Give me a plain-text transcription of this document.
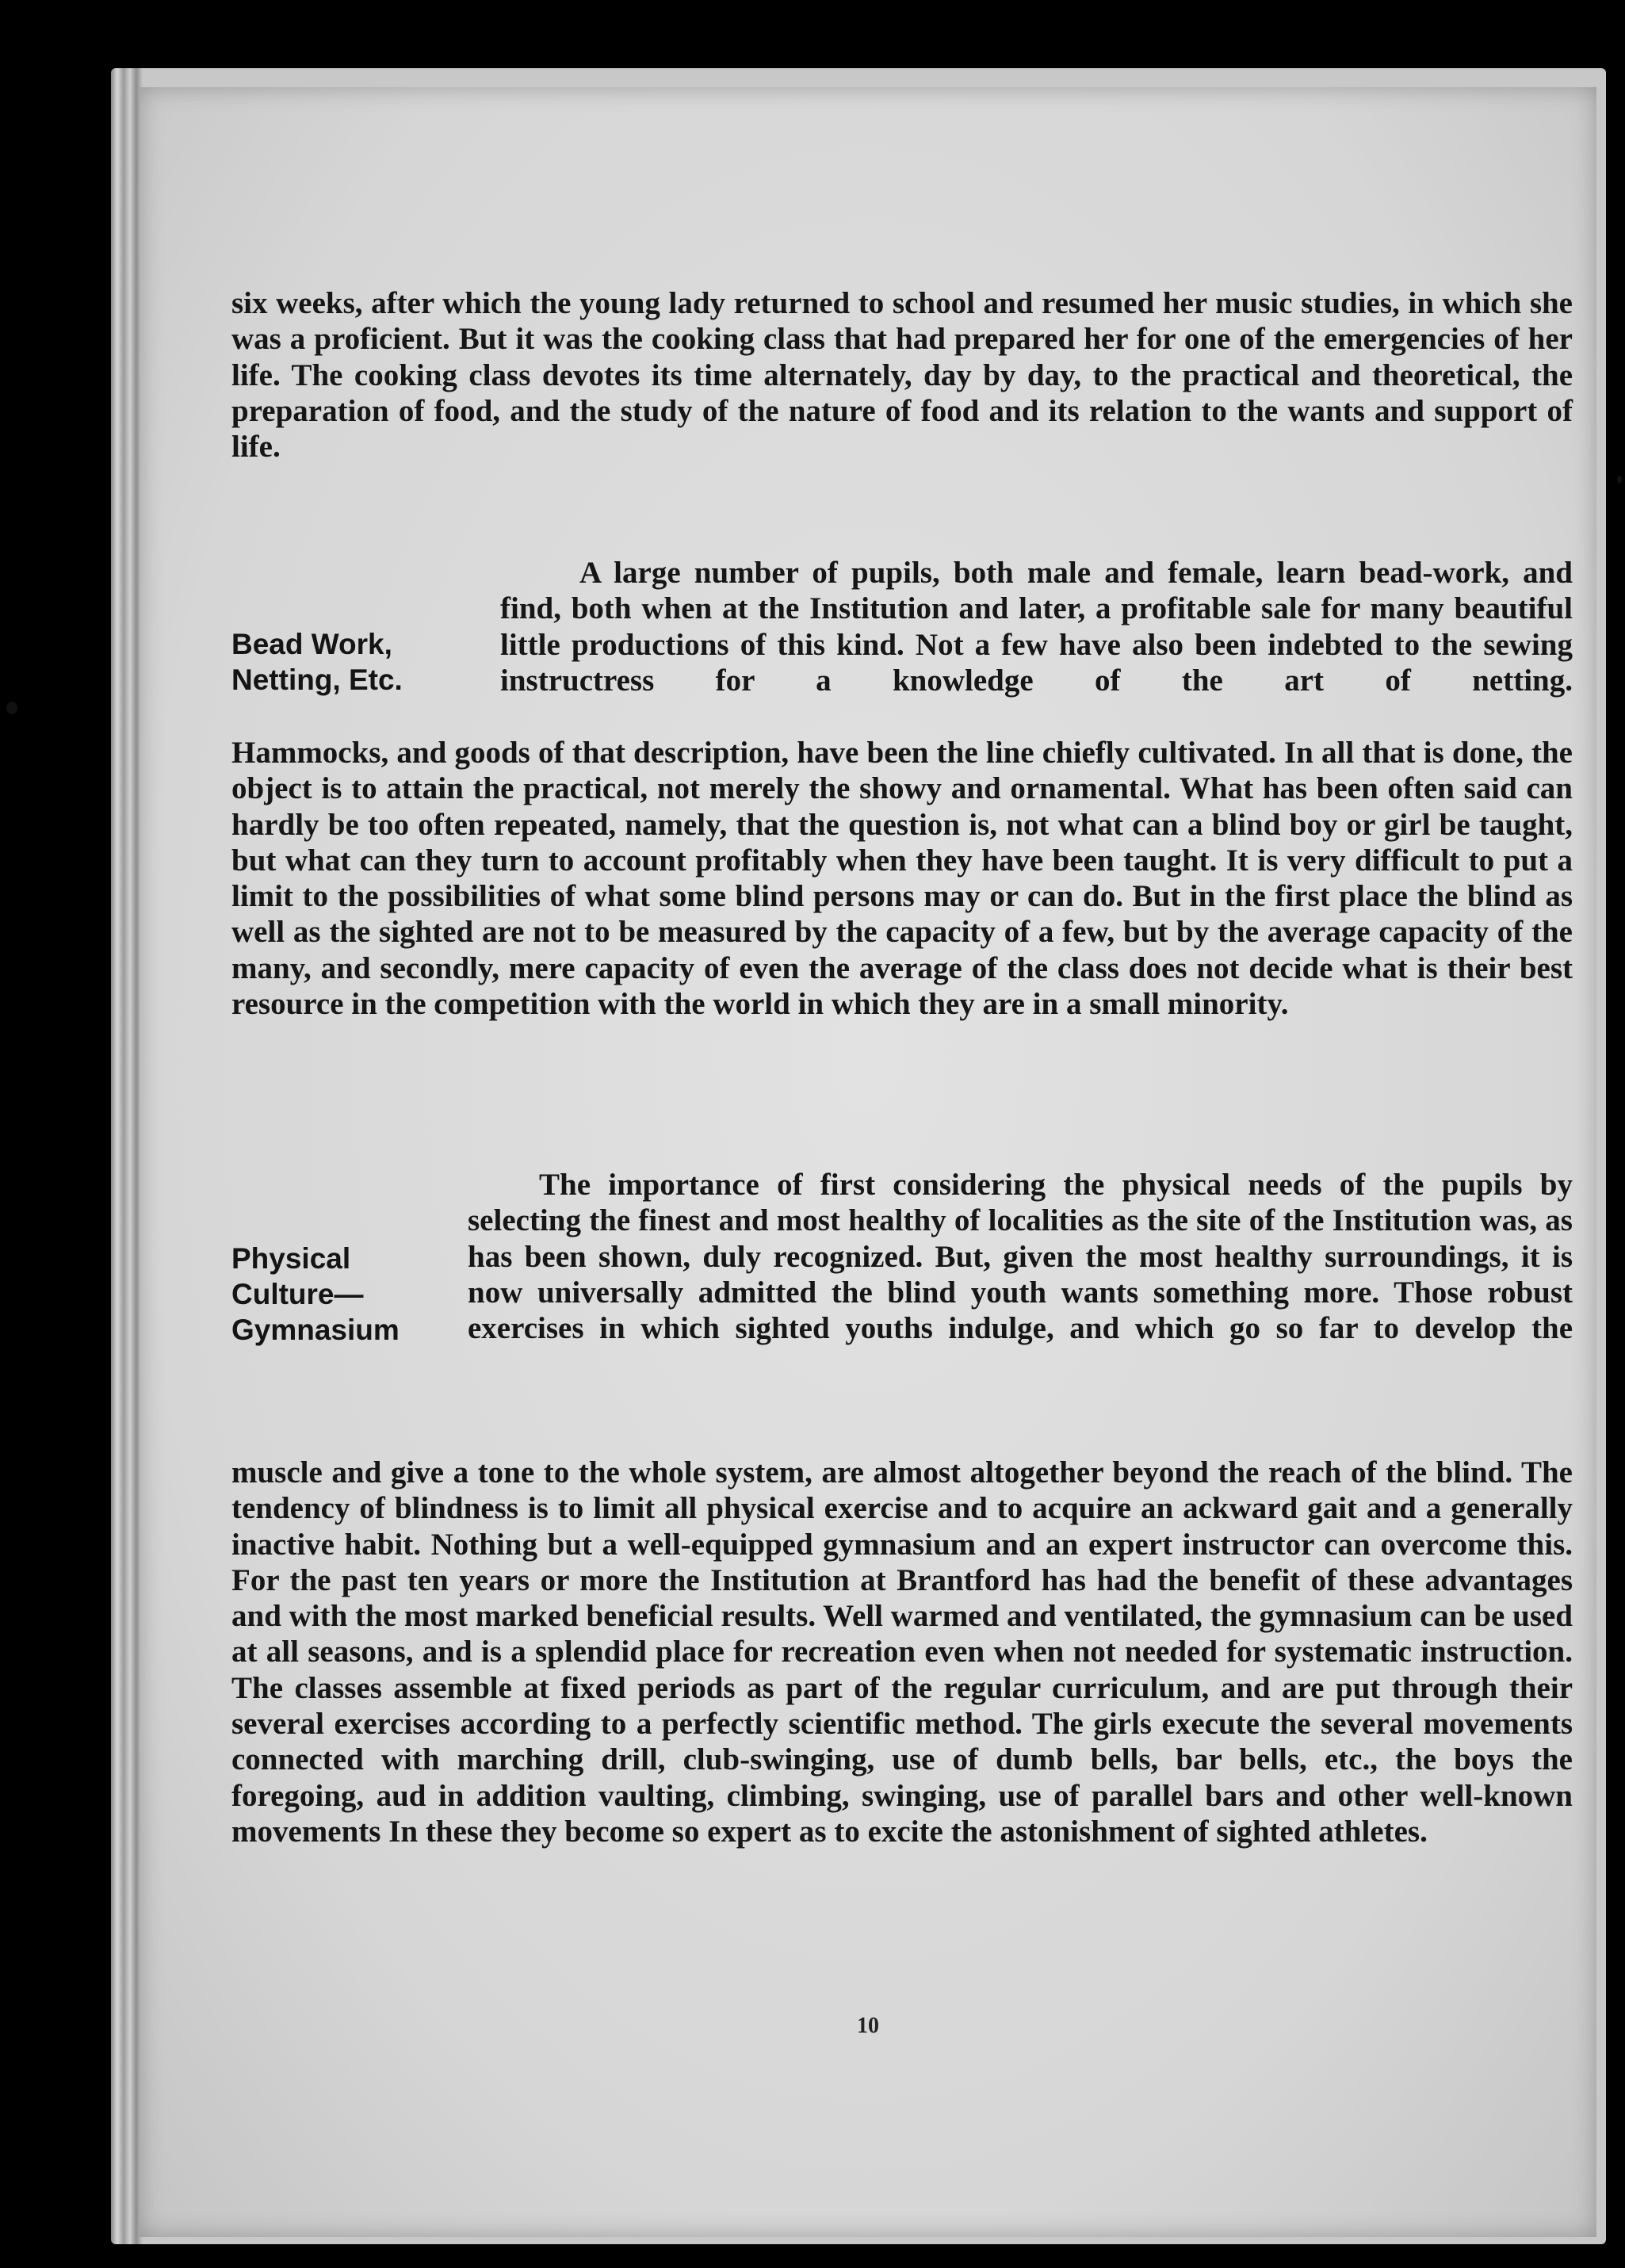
six weeks, after which the young lady returned to school and resumed her music studies, in which she was a proficient. But it was the cooking class that had prepared her for one of the emergencies of her life. The cooking class devotes its time alternately, day by day, to the practical and theoretical, the preparation of food, and the study of the nature of food and its relation to the wants and support of life.
Bead Work,
Netting, Etc.
A large number of pupils, both male and female, learn bead-work, and find, both when at the Institution and later, a profitable sale for many beautiful little productions of this kind. Not a few have also been indebted to the sewing instructress for a knowledge of the art of netting.
Hammocks, and goods of that description, have been the line chiefly cultivated. In all that is done, the object is to attain the practical, not merely the showy and ornamental. What has been often said can hardly be too often repeated, namely, that the question is, not what can a blind boy or girl be taught, but what can they turn to account profitably when they have been taught. It is very difficult to put a limit to the possibilities of what some blind persons may or can do. But in the first place the blind as well as the sighted are not to be measured by the capacity of a few, but by the average capacity of the many, and secondly, mere capacity of even the average of the class does not decide what is their best resource in the competition with the world in which they are in a small minority.
Physical
Culture—
Gymnasium
The importance of first considering the physical needs of the pupils by selecting the finest and most healthy of localities as the site of the Institution was, as has been shown, duly recognized. But, given the most healthy surroundings, it is now universally admitted the blind youth wants something more. Those robust exercises in which sighted youths indulge, and which go so far to develop the
muscle and give a tone to the whole system, are almost altogether beyond the reach of the blind. The tendency of blindness is to limit all physical exercise and to acquire an ackward gait and a generally inactive habit. Nothing but a well-equipped gymnasium and an expert instructor can overcome this. For the past ten years or more the Institution at Brantford has had the benefit of these advantages and with the most marked beneficial results. Well warmed and ventilated, the gymnasium can be used at all seasons, and is a splendid place for recreation even when not needed for systematic instruction. The classes assemble at fixed periods as part of the regular curriculum, and are put through their several exercises according to a perfectly scientific method. The girls execute the several movements connected with marching drill, club-swinging, use of dumb bells, bar bells, etc., the boys the foregoing, aud in addition vaulting, climbing, swinging, use of parallel bars and other well-known movements In these they become so expert as to excite the astonishment of sighted athletes.
10
